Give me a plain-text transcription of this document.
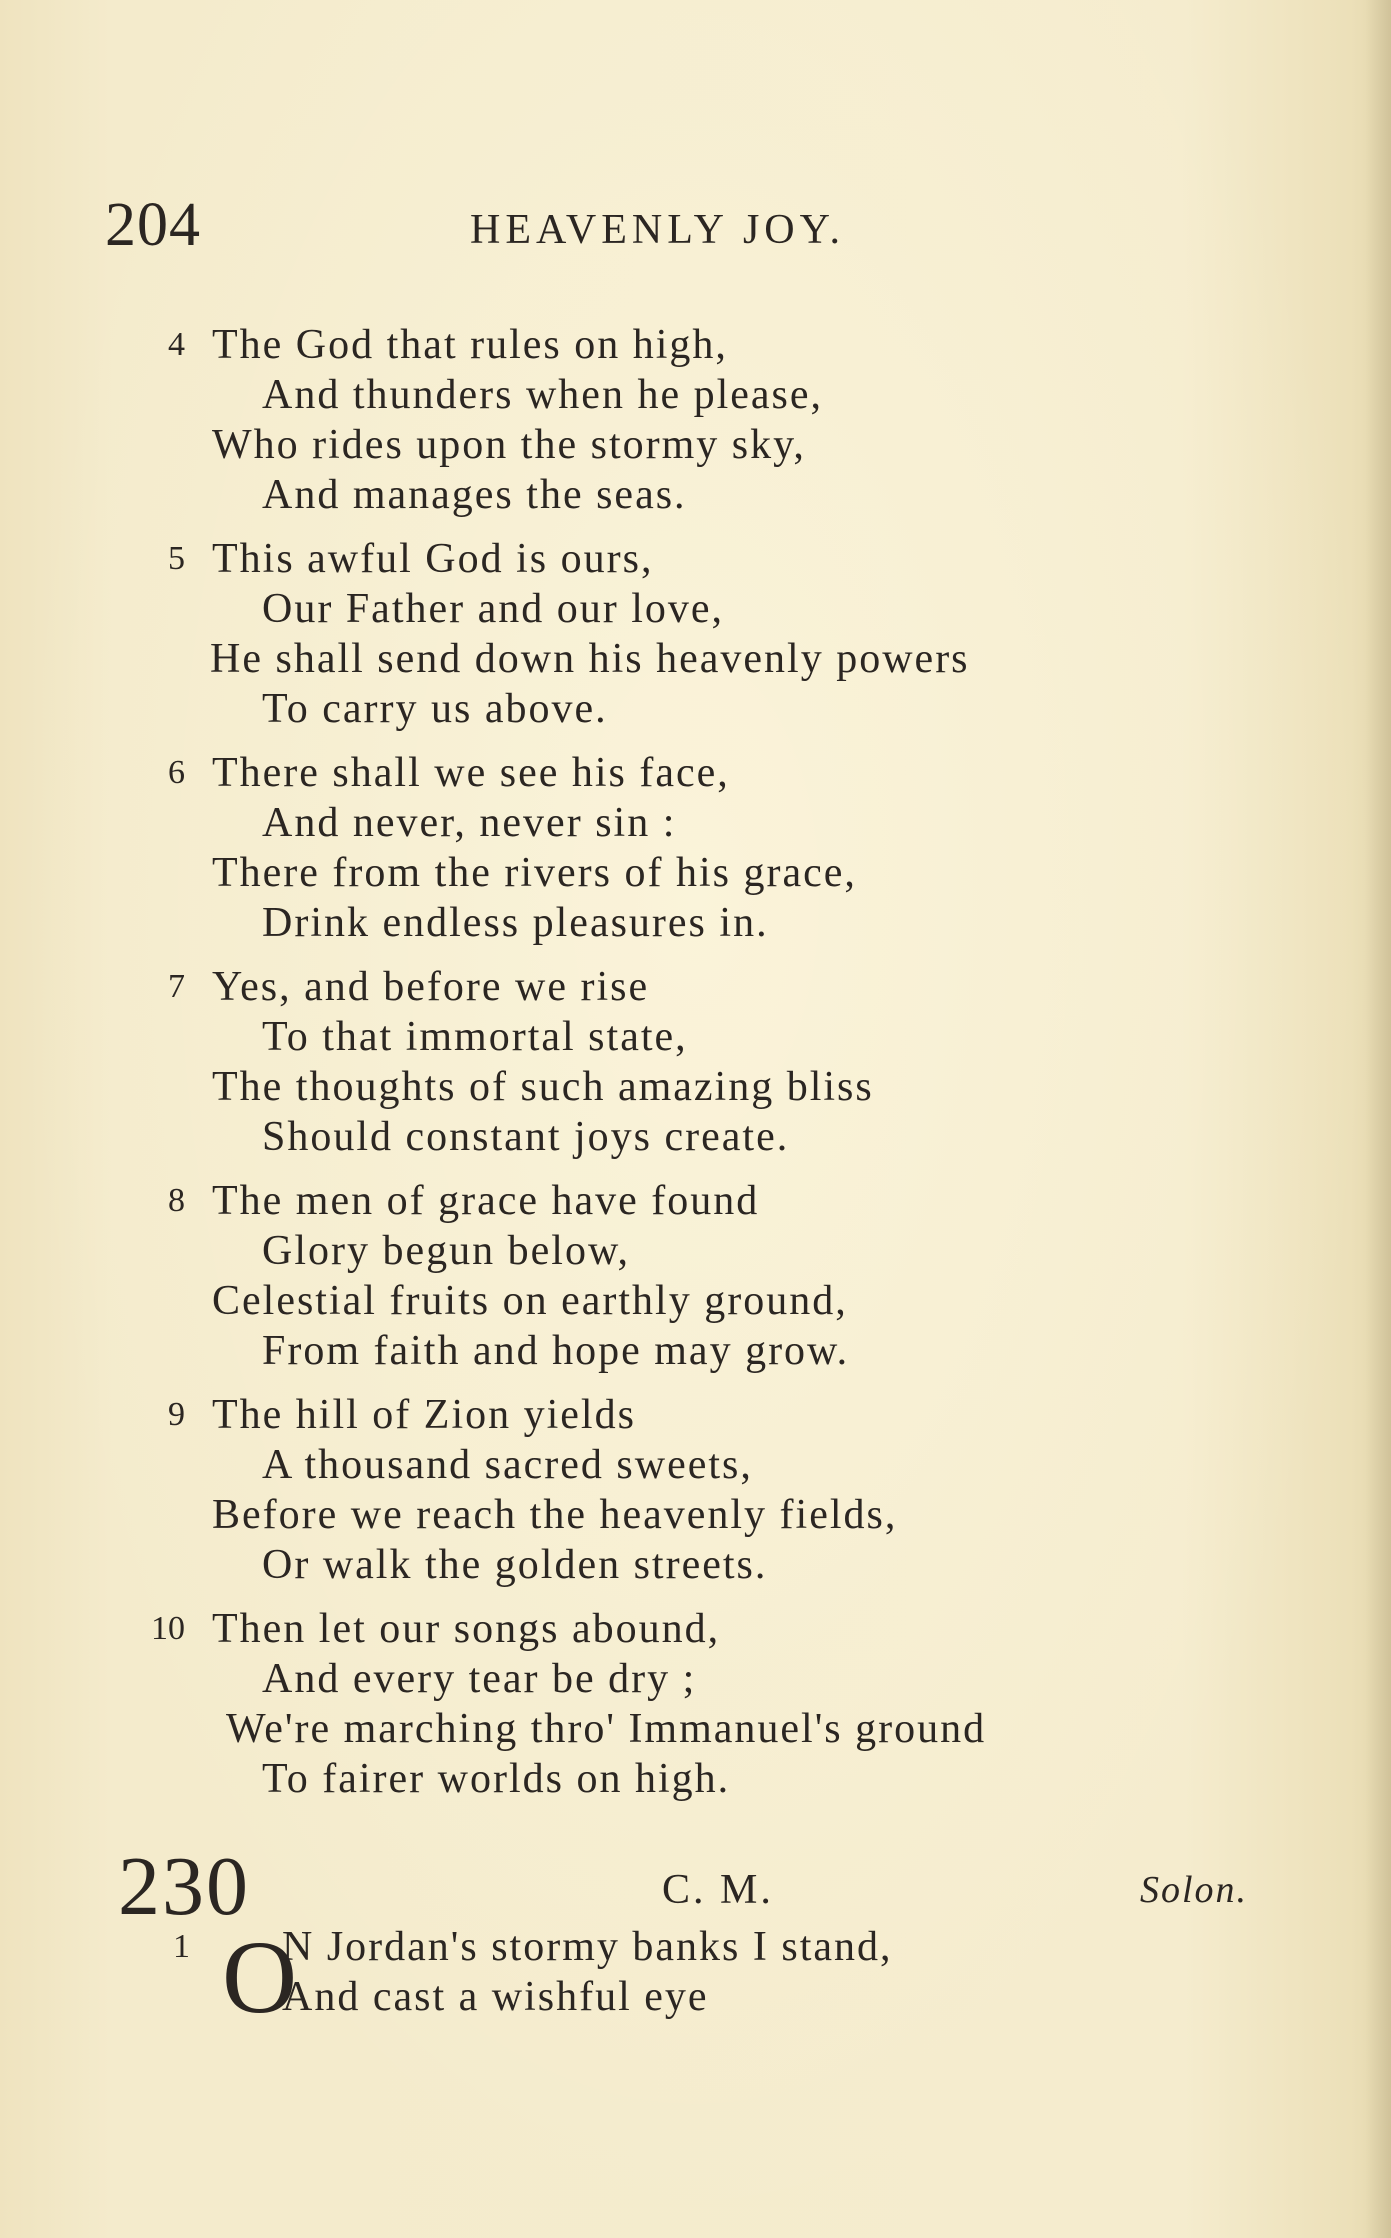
204	HEAVENLY JOY.
4 The God that rules on high,
And thunders when he please,
Who rides upon the stormy sky,
And manages the seas.
5 This awful God is ours,
Our Father and our love,
He shall send down his heavenly powers
To carry us above.
6 There shall we see his face,
And never, never sin :
There from the rivers of his grace,
Drink endless pleasures in.
7 Yes, and before we rise
To that immortal state,
The thoughts of such amazing bliss
Should constant joys create.
8 The men of grace have found
Glory begun below,
Celestial fruits on earthly ground,
From faith and hope may grow.
9 The hill of Zion yields
A thousand sacred sweets,
Before we reach the heavenly fields,
Or walk the golden streets.
10 Then let our songs abound,
And every tear be dry ;
We're marching thro' Immanuel's ground
To fairer worlds on high.
230	C. M.	Solon.
1 O
N Jordan's stormy banks I stand,
And cast a wishful eye
